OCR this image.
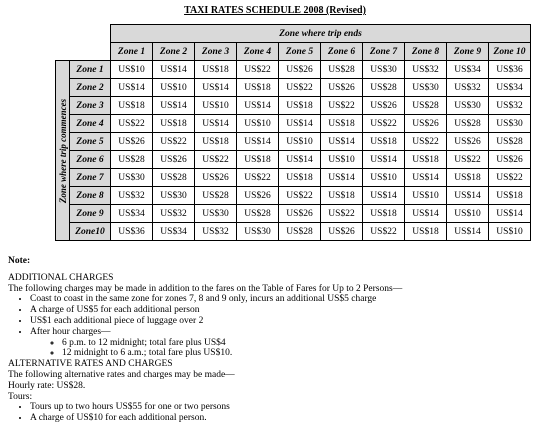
TAXI RATES SCHEDULE 2008 (Revised)
		Zone where trip ends									
		Zone 1	Zone 2	Zone 3	Zone 4	Zone 5	Zone 6	Zone 7	Zone 8	Zone 9	Zone 10

Zone where trip commences	Zone 1	US$10	US$14	US$18	US$22	US$26	US$28	US$30	US$32	US$34	US$36
	Zone 2	US$14	US$10	US$14	US$18	US$22	US$26	US$28	US$30	US$32	US$34
	Zone 3	US$18	US$14	US$10	US$14	US$18	US$22	US$26	US$28	US$30	US$32
	Zone 4	US$22	US$18	US$14	US$10	US$14	US$18	US$22	US$26	US$28	US$30
	Zone 5	US$26	US$22	US$18	US$14	US$10	US$14	US$18	US$22	US$26	US$28
	Zone 6	US$28	US$26	US$22	US$18	US$14	US$10	US$14	US$18	US$22	US$26
	Zone 7	US$30	US$28	US$26	US$22	US$18	US$14	US$10	US$14	US$18	US$22
	Zone 8	US$32	US$30	US$28	US$26	US$22	US$18	US$14	US$10	US$14	US$18
	Zone 9	US$34	US$32	US$30	US$28	US$26	US$22	US$18	US$14	US$10	US$14
	Zone10	US$36	US$34	US$32	US$30	US$28	US$26	US$22	US$18	US$14	US$10

Note:

ADDITIONAL CHARGES

The following charges may be made in addition to the fares on the Table of Fares for Up to 2 Persons—

• Coast to coast in the same zone for zones 7, 8 and 9 only, incurs an additional US$5 charge
• A charge of US$5 for each additional person
• US$1 each additional piece of luggage over 2
• After hour charges—
◦ 6 p.m. to 12 midnight; total fare plus US$4
◦ 12 midnight to 6 a.m.; total fare plus US$10.

ALTERNATIVE RATES AND CHARGES

The following alternative rates and charges may be made—

Hourly rate: US$28.

Tours:

• Tours up to two hours US$55 for one or two persons
• A charge of US$10 for each additional person.
